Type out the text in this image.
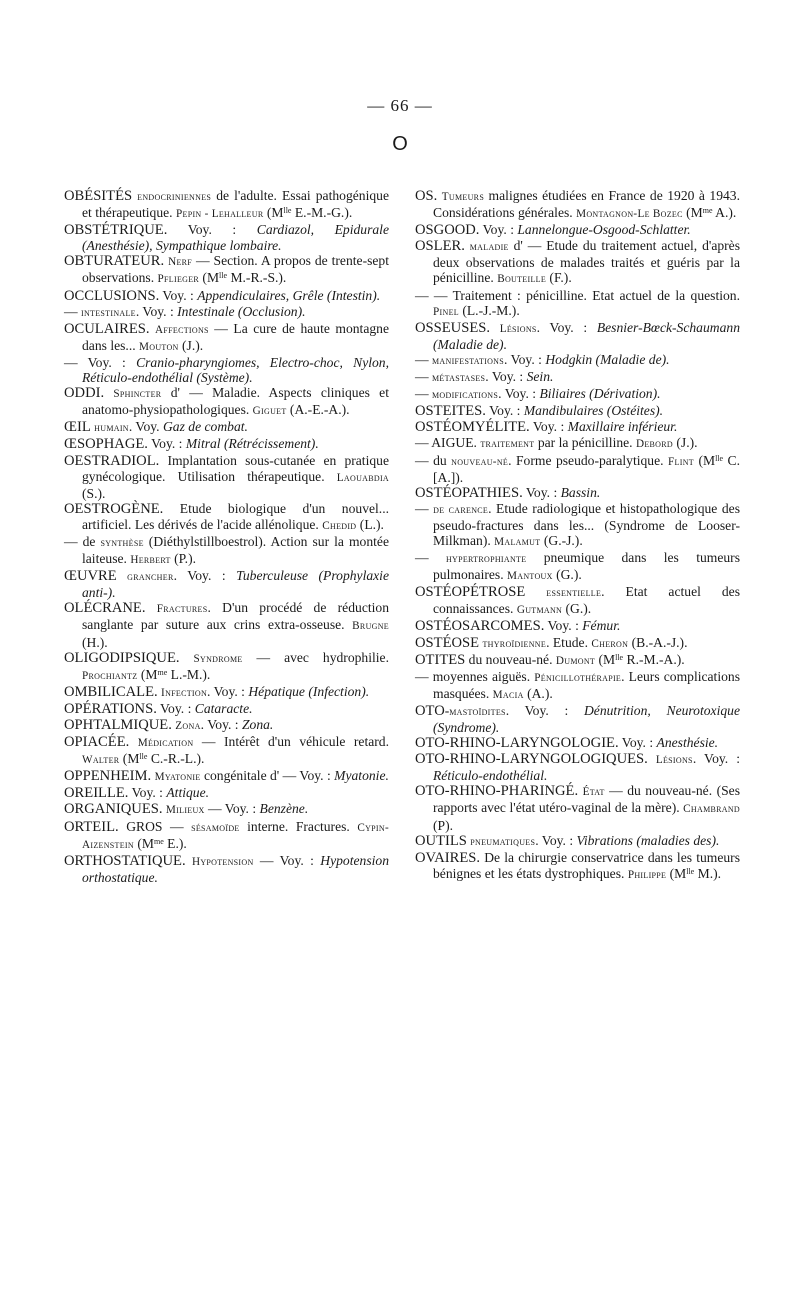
— 66 —
O

OBÉSITÉS endocriniennes de l'adulte. Essai pathogénique et thérapeutique. Pepin - Lehalleur ($M^{lle}$ E.-M.-G.).

OBSTÉTRIQUE. Voy. : Cardiazol, Epidurale (Anesthésie), Sympathique lombaire.

OBTURATEUR. Nerf — Section. A propos de trente-sept observations. Pflieger ($M^{lle}$ M.-R.-S.).

OCCLUSIONS. Voy. : Appendiculaires, Grêle (Intestin).

— intestinale. Voy. : Intestinale (Occlusion).

OCULAIRES. Affections — La cure de haute montagne dans les... Mouton (J.).

— Voy. : Cranio-pharyngiomes, Electro-choc, Nylon, Réticulo-endothélial (Système).

ODDI. Sphincter d' — Maladie. Aspects cliniques et anatomo-physiopathologiques. Giguet (A.-E.-A.).

ŒIL humain. Voy. Gaz de combat.

ŒSOPHAGE. Voy. : Mitral (Rétrécissement).

OESTRADIOL. Implantation sous-cutanée en pratique gynécologique. Utilisation thérapeutique. Laouabdia (S.).

OESTROGÈNE. Etude biologique d'un nouvel... artificiel. Les dérivés de l'acide allénolique. Chedid (L.).

— de synthèse (Diéthylstillboestrol). Action sur la montée laiteuse. Herbert (P.).

ŒUVRE grancher. Voy. : Tuberculeuse (Prophylaxie anti-).

OLÉCRANE. Fractures. D'un procédé de réduction sanglante par suture aux crins extra-osseuse. Brugne (H.).

OLIGODIPSIQUE. Syndrome — avec hydrophilie. Prochiantz ($M^{me}$ L.-M.).

OMBILICALE. Infection. Voy. : Hépatique (Infection).

OPÉRATIONS. Voy. : Cataracte.

OPHTALMIQUE. Zona. Voy. : Zona.

OPIACÉE. Médication — Intérêt d'un véhicule retard. Walter ($M^{lle}$ C.-R.-L.).

OPPENHEIM. Myatonie congénitale d' — Voy. : Myatonie.

OREILLE. Voy. : Attique.

ORGANIQUES. Milieux — Voy. : Benzène.

ORTEIL. GROS — sésamoïde interne. Fractures. Cypin-Aizenstein ($M^{me}$ E.).

ORTHOSTATIQUE. Hypotension — Voy. : Hypotension orthostatique.

OS. Tumeurs malignes étudiées en France de 1920 à 1943. Considérations générales. Montagnon-Le Bozec ($M^{me}$ A.).

OSGOOD. Voy. : Lannelongue-Osgood-Schlatter.

OSLER. maladie d' — Etude du traitement actuel, d'après deux observations de malades traités et guéris par la pénicilline. Bouteille (F.).

— — Traitement : pénicilline. Etat actuel de la question. Pinel (L.-J.-M.).

OSSEUSES. Lésions. Voy. : Besnier-Bœck-Schaumann (Maladie de).

— manifestations. Voy. : Hodgkin (Maladie de).

— métastases. Voy. : Sein.

— modifications. Voy. : Biliaires (Dérivation).

OSTEITES. Voy. : Mandibulaires (Ostéites).

OSTÉOMYÉLITE. Voy. : Maxillaire inférieur.

— AIGUE. traitement par la pénicilline. Debord (J.).

— du nouveau-né. Forme pseudo-paralytique. Flint ($M^{lle}$ C. [A.]).

OSTÉOPATHIES. Voy. : Bassin.

— de carence. Etude radiologique et histopathologique des pseudo-fractures dans les... (Syndrome de Looser-Milkman). Malamut (G.-J.).

— hypertrophiante pneumique dans les tumeurs pulmonaires. Mantoux (G.).

OSTÉOPÉTROSE essentielle. Etat actuel des connaissances. Gutmann (G.).

OSTÉOSARCOMES. Voy. : Fémur.

OSTÉOSE thyroïdienne. Etude. Cheron (B.-A.-J.).

OTITES du nouveau-né. Dumont ($M^{lle}$ R.-M.-A.).

— moyennes aiguës. Pénicillothérapie. Leurs complications masquées. Macia (A.).

OTO-mastoïdites. Voy. : Dénutrition, Neurotoxique (Syndrome).

OTO-RHINO-LARYNGOLOGIE. Voy. : Anesthésie.

OTO-RHINO-LARYNGOLOGIQUES. Lésions. Voy. : Réticulo-endothélial.

OTO-RHINO-PHARINGÉ. État — du nouveau-né. (Ses rapports avec l'état utéro-vaginal de la mère). Chambrand (P).

OUTILS pneumatiques. Voy. : Vibrations (maladies des).

OVAIRES. De la chirurgie conservatrice dans les tumeurs bénignes et les états dystrophiques. Philippe ($M^{lle}$ M.).
